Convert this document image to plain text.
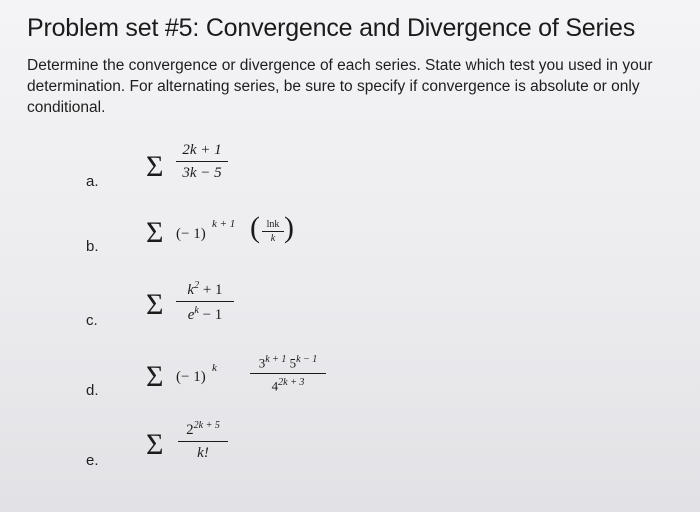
Problem set #5: Convergence and Divergence of Series
Determine the convergence or divergence of each series. State which test you used in your determination. For alternating series, be sure to specify if convergence is absolute or only conditional.
a. Σ	2k + 1
3k − 5
b. Σ (− 1)
k + 1 ( lnk
k )
c. Σ	$k^2 + 1$
$e^k - 1$
d. Σ (− 1)
k	$3^{k + 1}$ $5^{k - 1}$
$4^{2k + 3}$
e. Σ	$2^{2k + 5}$
k!
